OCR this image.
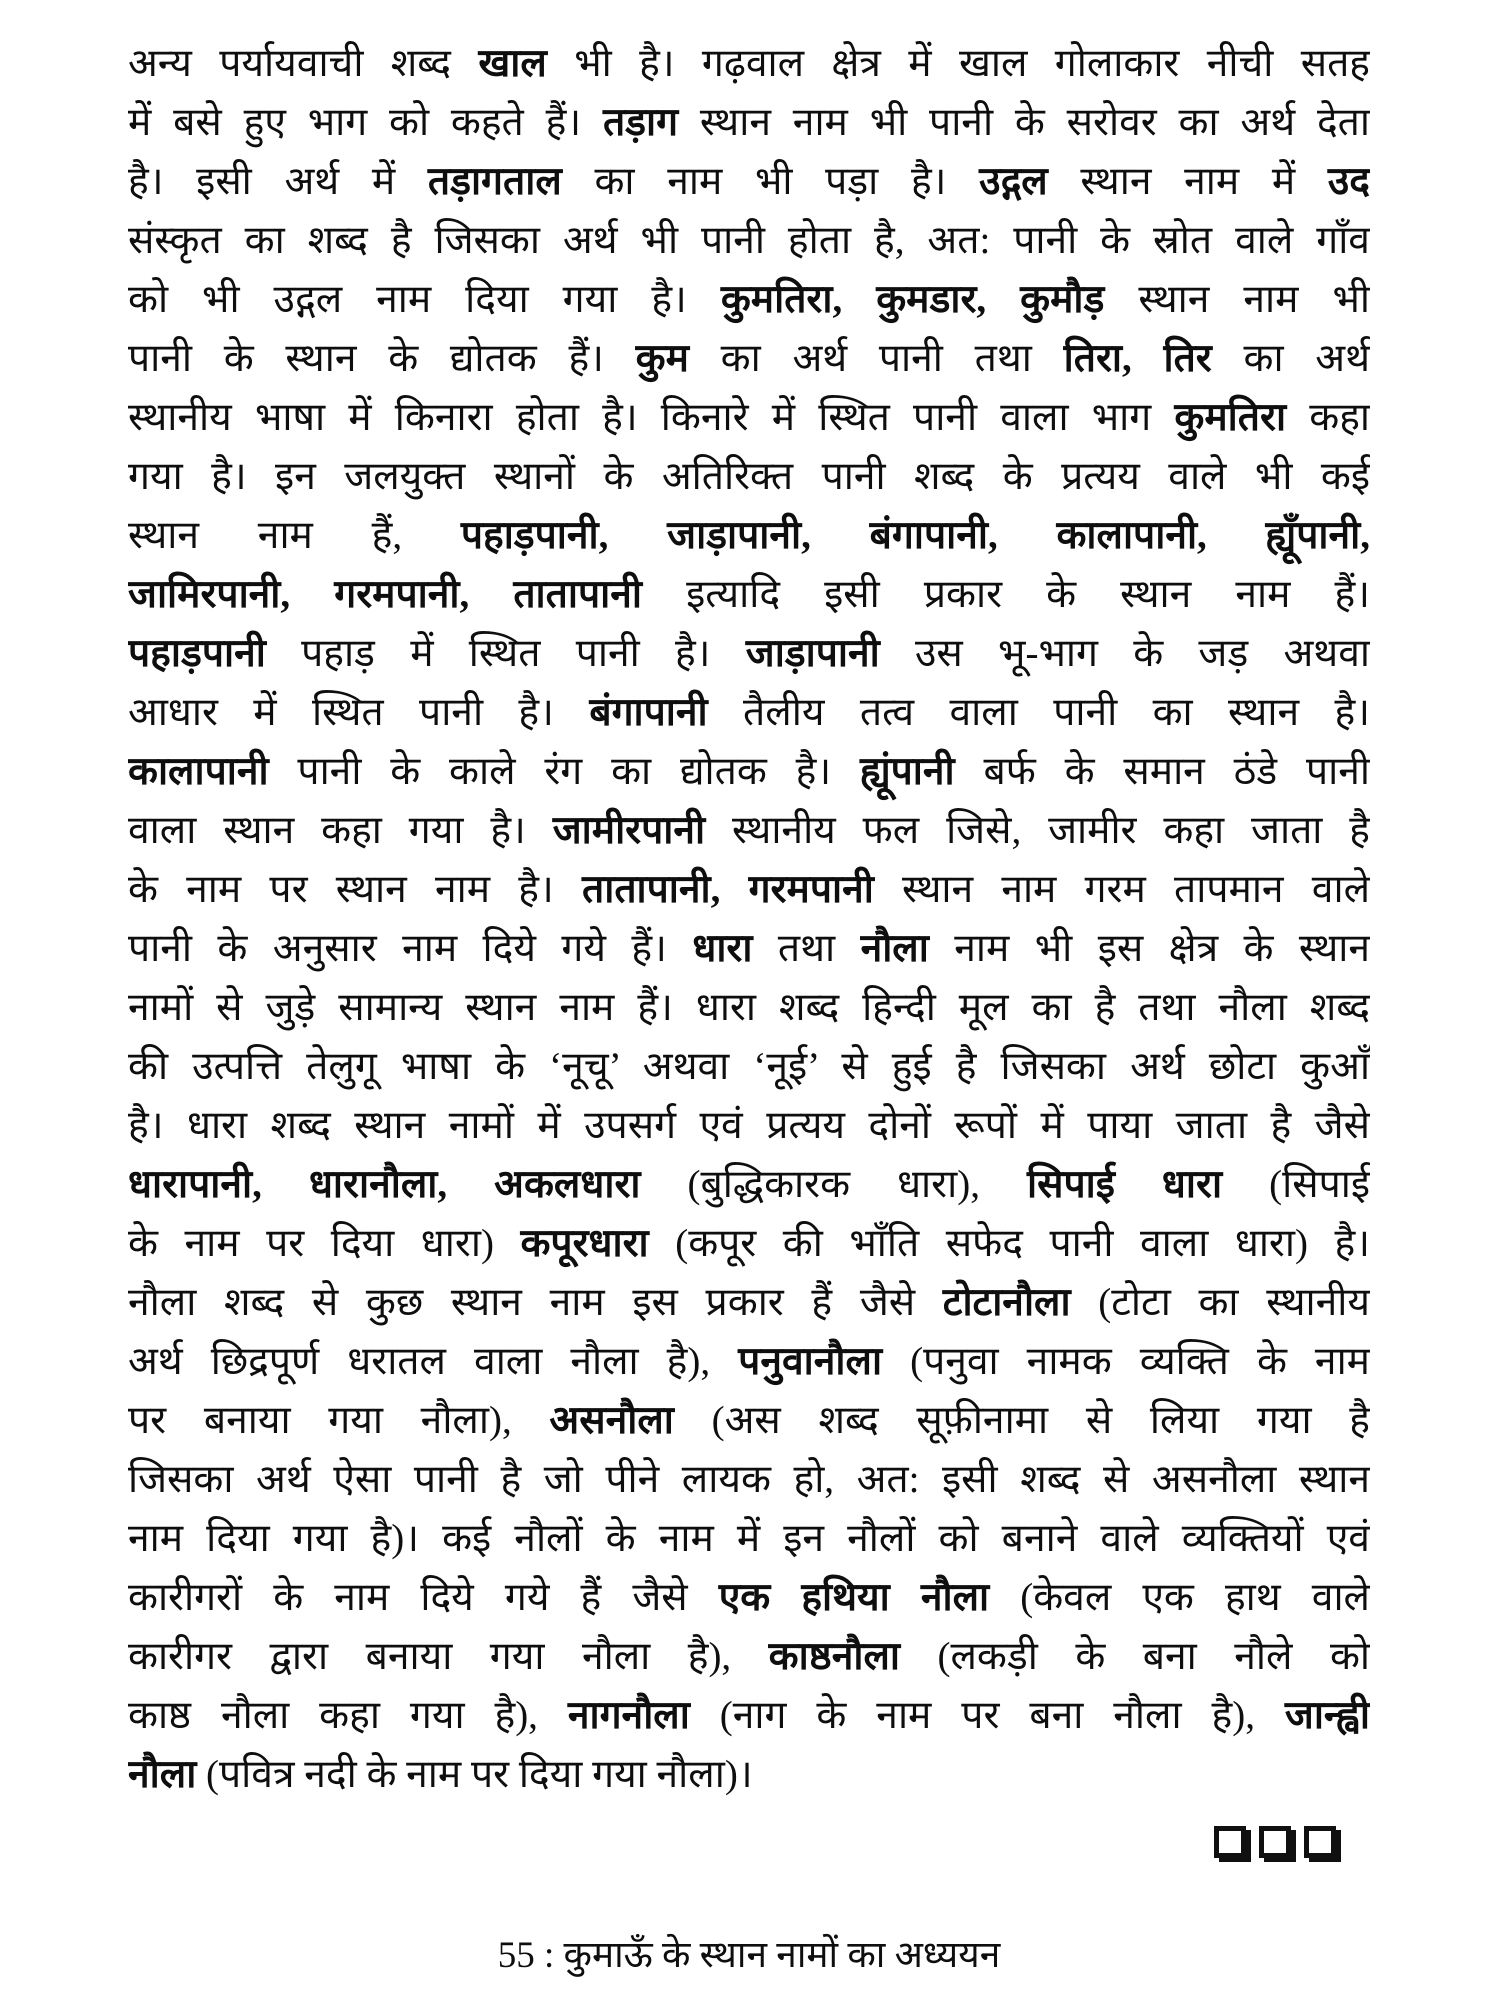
अन्य पर्यायवाची शब्द खाल भी है। गढ़वाल क्षेत्र में खाल गोलाकार नीची सतह
में बसे हुए भाग को कहते हैं। तड़ाग स्थान नाम भी पानी के सरोवर का अर्थ देता
है। इसी अर्थ में तड़ागताल का नाम भी पड़ा है। उद्गल स्थान नाम में उद
संस्कृत का शब्द है जिसका अर्थ भी पानी होता है, अत: पानी के स्रोत वाले गाँव
को भी उद्गल नाम दिया गया है। कुमतिरा, कुमडार, कुमौड़ स्थान नाम भी
पानी के स्थान के द्योतक हैं। कुम का अर्थ पानी तथा तिरा, तिर का अर्थ
स्थानीय भाषा में किनारा होता है। किनारे में स्थित पानी वाला भाग कुमतिरा कहा
गया है। इन जलयुक्त स्थानों के अतिरिक्त पानी शब्द के प्रत्यय वाले भी कई
स्थान नाम हैं, पहाड़पानी, जाड़ापानी, बंगापानी, कालापानी, ह्यूँपानी,
जामिरपानी, गरमपानी, तातापानी इत्यादि इसी प्रकार के स्थान नाम हैं।
पहाड़पानी पहाड़ में स्थित पानी है। जाड़ापानी उस भू-भाग के जड़ अथवा
आधार में स्थित पानी है। बंगापानी तैलीय तत्व वाला पानी का स्थान है।
कालापानी पानी के काले रंग का द्योतक है। ह्यूंपानी बर्फ के समान ठंडे पानी
वाला स्थान कहा गया है। जामीरपानी स्थानीय फल जिसे, जामीर कहा जाता है
के नाम पर स्थान नाम है। तातापानी, गरमपानी स्थान नाम गरम तापमान वाले
पानी के अनुसार नाम दिये गये हैं। धारा तथा नौला नाम भी इस क्षेत्र के स्थान
नामों से जुड़े सामान्य स्थान नाम हैं। धारा शब्द हिन्दी मूल का है तथा नौला शब्द
की उत्पत्ति तेलुगू भाषा के ‘नूचू’ अथवा ‘नूई’ से हुई है जिसका अर्थ छोटा कुआँ
है। धारा शब्द स्थान नामों में उपसर्ग एवं प्रत्यय दोनों रूपों में पाया जाता है जैसे
धारापानी, धारानौला, अकलधारा (बुद्धिकारक धारा), सिपाई धारा (सिपाई
के नाम पर दिया धारा) कपूरधारा (कपूर की भाँति सफेद पानी वाला धारा) है।
नौला शब्द से कुछ स्थान नाम इस प्रकार हैं जैसे टोटानौला (टोटा का स्थानीय
अर्थ छिद्रपूर्ण धरातल वाला नौला है), पनुवानौला (पनुवा नामक व्यक्ति के नाम
पर बनाया गया नौला), असनौला (अस शब्द सूफ़ीनामा से लिया गया है
जिसका अर्थ ऐसा पानी है जो पीने लायक हो, अत: इसी शब्द से असनौला स्थान
नाम दिया गया है)। कई नौलों के नाम में इन नौलों को बनाने वाले व्यक्तियों एवं
कारीगरों के नाम दिये गये हैं जैसे एक हथिया नौला (केवल एक हाथ वाले
कारीगर द्वारा बनाया गया नौला है), काष्ठनौला (लकड़ी के बना नौले को
काष्ठ नौला कहा गया है), नागनौला (नाग के नाम पर बना नौला है), जान्ह्वी
नौला (पवित्र नदी के नाम पर दिया गया नौला)।
55 : कुमाऊँ के स्थान नामों का अध्ययन
